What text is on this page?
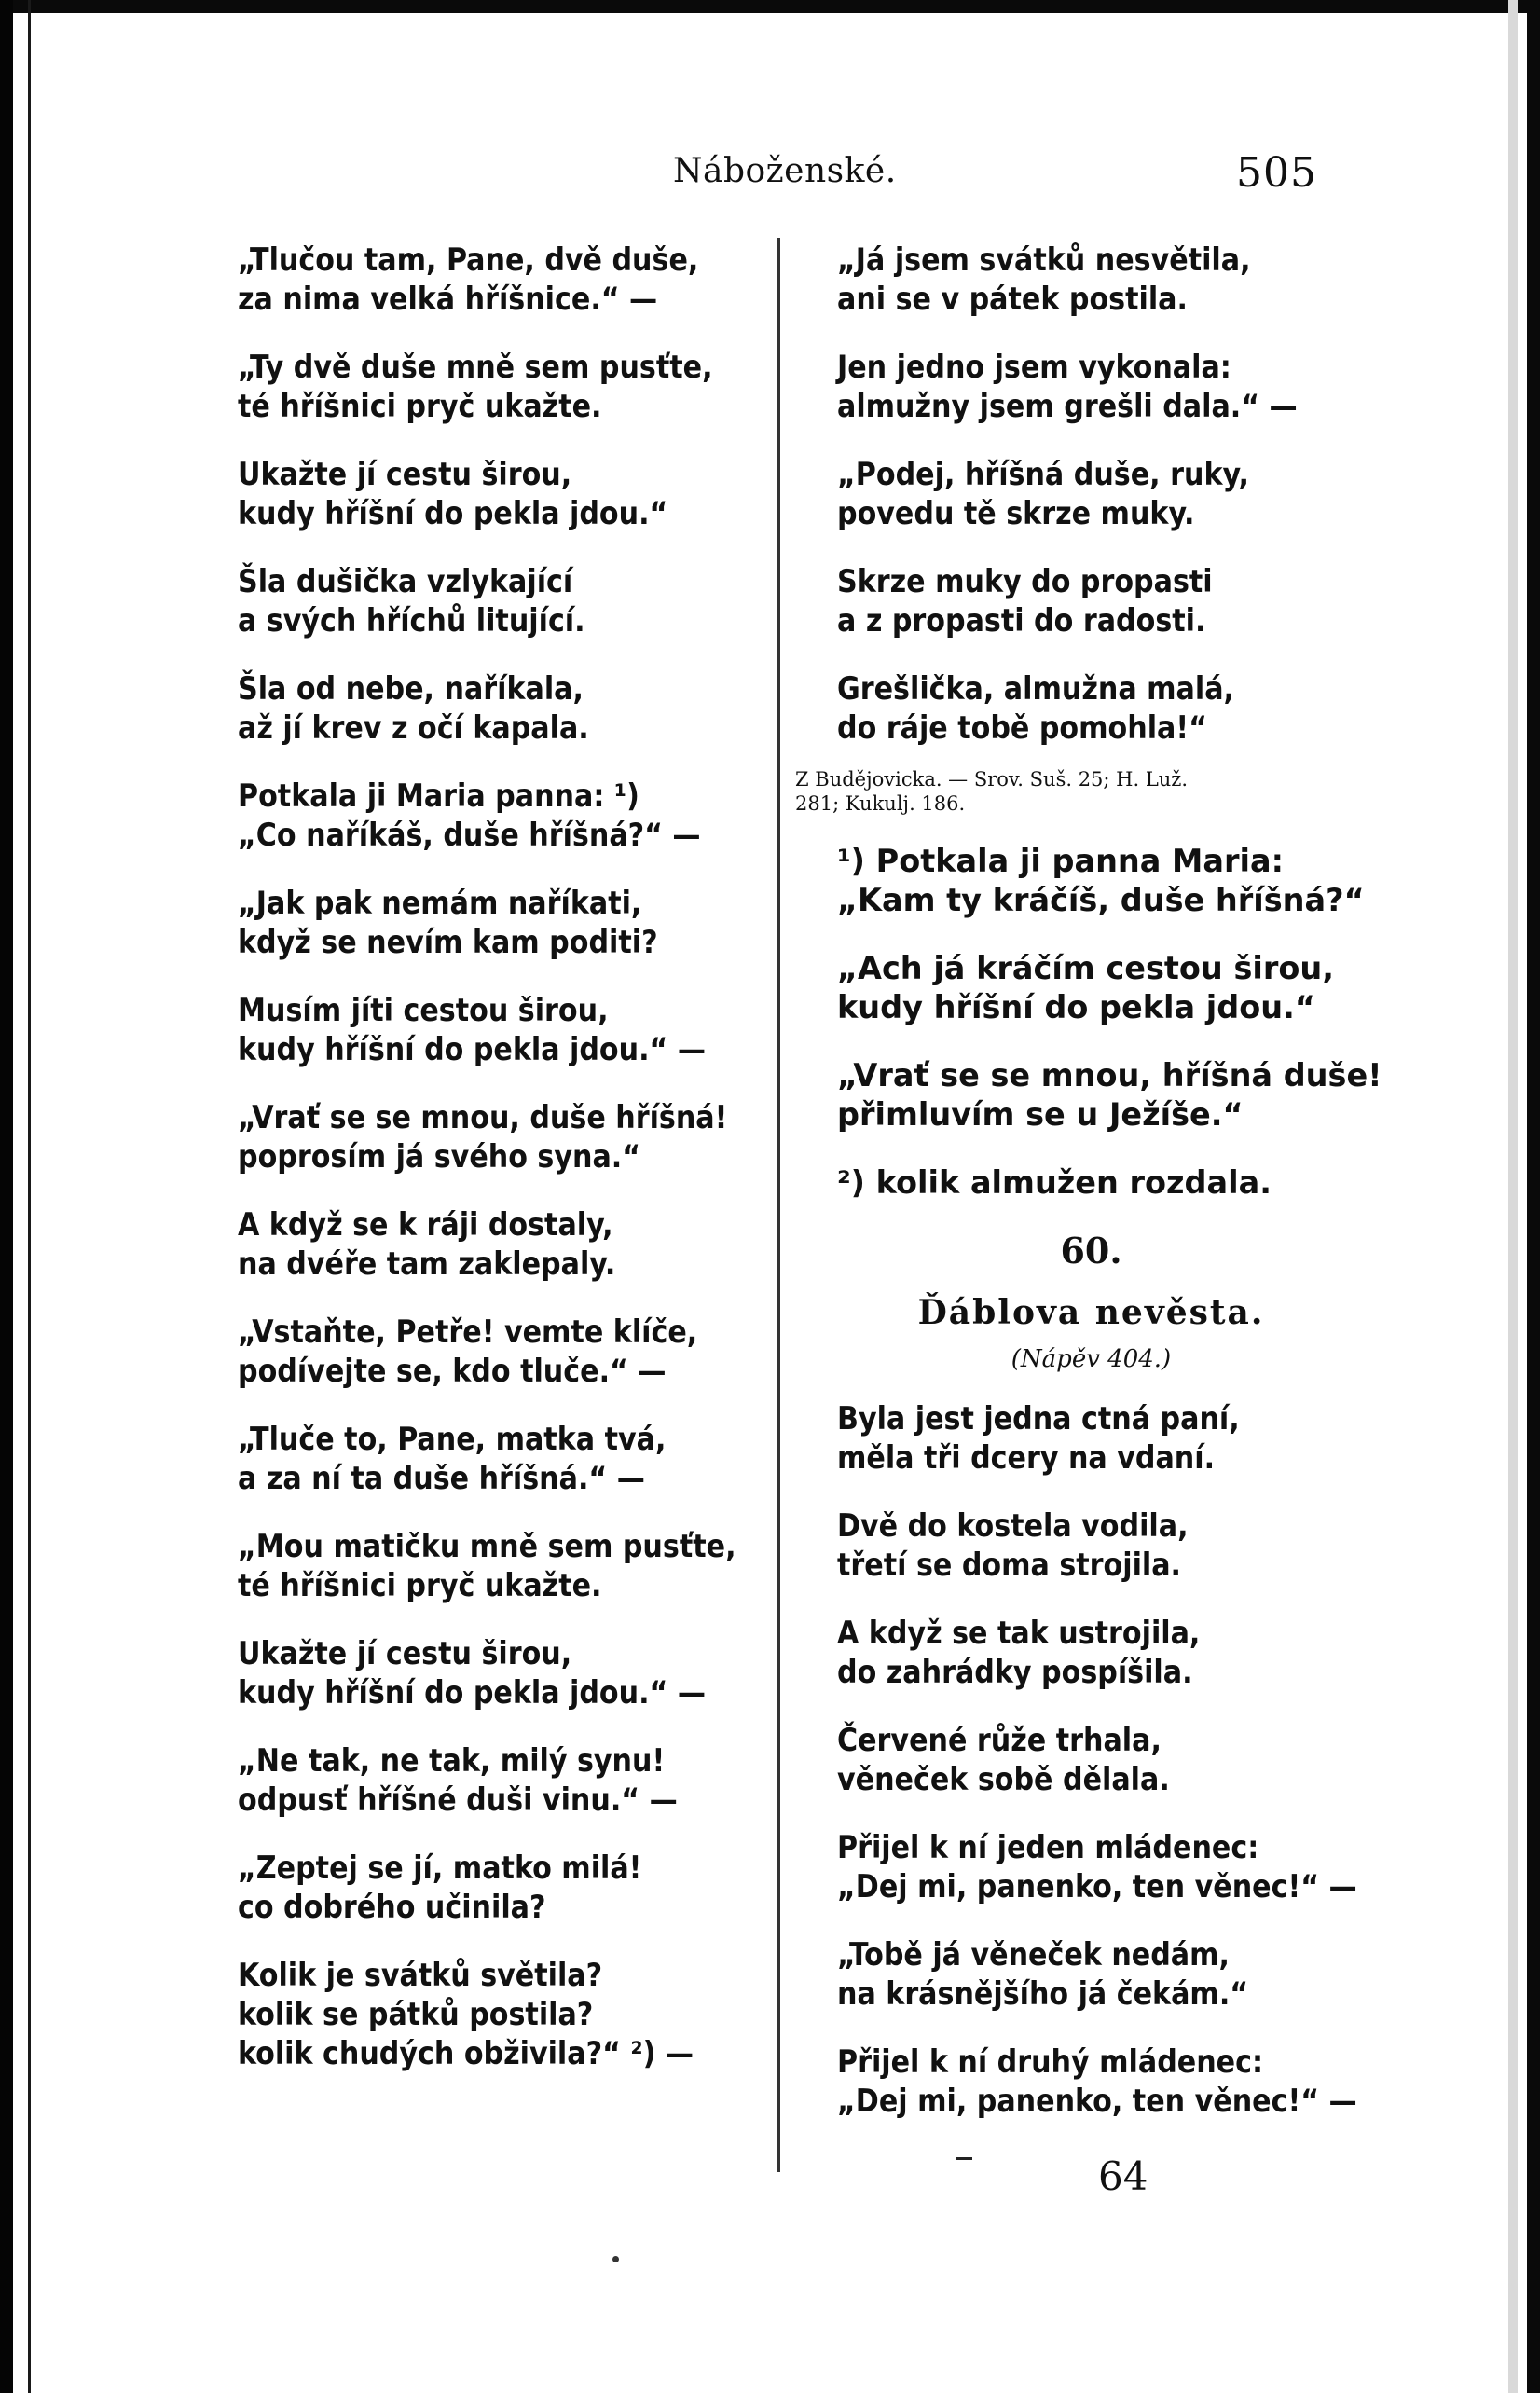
Náboženské.	505
„Tlučou tam, Pane, dvě duše,
za nima velká hříšnice.“ —
„Ty dvě duše mně sem pusťte,
té hříšnici pryč ukažte.
Ukažte jí cestu širou,
kudy hříšní do pekla jdou.“
Šla dušička vzlykající
a svých hříchů litující.
Šla od nebe, naříkala,
až jí krev z očí kapala.
Potkala ji Maria panna: ¹)
„Co naříkáš, duše hříšná?“ —
„Jak pak nemám naříkati,
když se nevím kam poditi?
Musím jíti cestou širou,
kudy hříšní do pekla jdou.“ —
„Vrať se se mnou, duše hříšná!
poprosím já svého syna.“
A když se k ráji dostaly,
na dvéře tam zaklepaly.
„Vstaňte, Petře! vemte klíče,
podívejte se, kdo tluče.“ —
„Tluče to, Pane, matka tvá,
a za ní ta duše hříšná.“ —
„Mou matičku mně sem pusťte,
té hříšnici pryč ukažte.
Ukažte jí cestu širou,
kudy hříšní do pekla jdou.“ —
„Ne tak, ne tak, milý synu!
odpusť hříšné duši vinu.“ —
„Zeptej se jí, matko milá!
co dobrého učinila?
Kolik je svátků světila?
kolik se pátků postila?
kolik chudých obživila?“ ²) —
„Já jsem svátků nesvětila,
ani se v pátek postila.
Jen jedno jsem vykonala:
almužny jsem grešli dala.“ —
„Podej, hříšná duše, ruky,
povedu tě skrze muky.
Skrze muky do propasti
a z propasti do radosti.
Grešlička, almužna malá,
do ráje tobě pomohla!“
Z Budějovicka. — Srov. Suš. 25; H. Luž.
281; Kukulj. 186.
¹) Potkala ji panna Maria:
„Kam ty kráčíš, duše hříšná?“
„Ach já kráčím cestou širou,
kudy hříšní do pekla jdou.“
„Vrať se se mnou, hříšná duše!
přimluvím se u Ježíše.“
²) kolik almužen rozdala.
60.
Ďáblova nevěsta.
(Nápěv 404.)
Byla jest jedna ctná paní,
měla tři dcery na vdaní.
Dvě do kostela vodila,
třetí se doma strojila.
A když se tak ustrojila,
do zahrádky pospíšila.
Červené růže trhala,
věneček sobě dělala.
Přijel k ní jeden mládenec:
„Dej mi, panenko, ten věnec!“ —
„Tobě já věneček nedám,
na krásnějšího já čekám.“
Přijel k ní druhý mládenec:
„Dej mi, panenko, ten věnec!“ —
64
